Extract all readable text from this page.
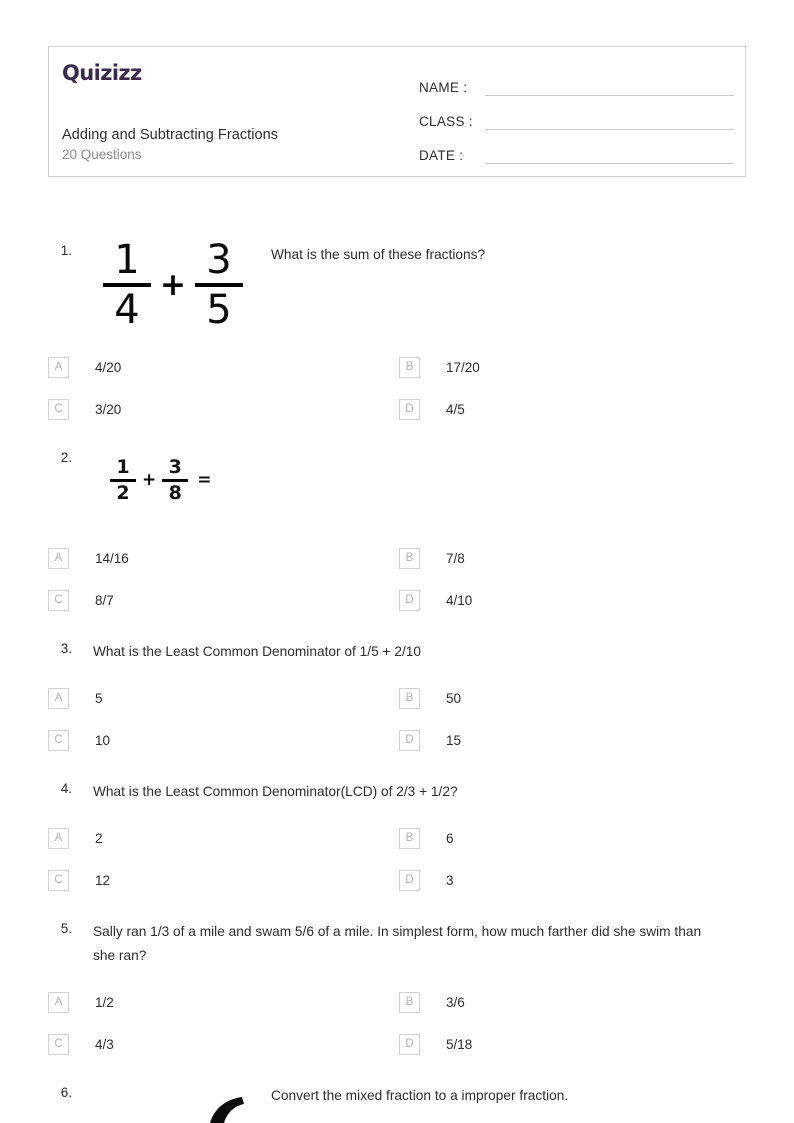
Quizizz
Adding and Subtracting Fractions
20 Questions
NAME :
CLASS :
DATE :
1.	What is the sum of these fractions?
$\frac{1}{4} + \frac{3}{5}$
A	4/20	B	17/20
C	3/20	D	4/5
2.
$\frac{1}{2} + \frac{3}{8}$ =
A	14/16	B	7/8
C	8/7	D	4/10
3. What is the Least Common Denominator of 1/5 + 2/10
A	5	B	50
C	10	D	15
4. What is the Least Common Denominator(LCD) of 2/3 + 1/2?
A	2	B	6
C	12	D	3
5. Sally ran 1/3 of a mile and swam 5/6 of a mile. In simplest form, how much farther did she swim than she ran?
A	1/2	B	3/6
C	4/3	D	5/18
6.	Convert the mixed fraction to a improper fraction.
